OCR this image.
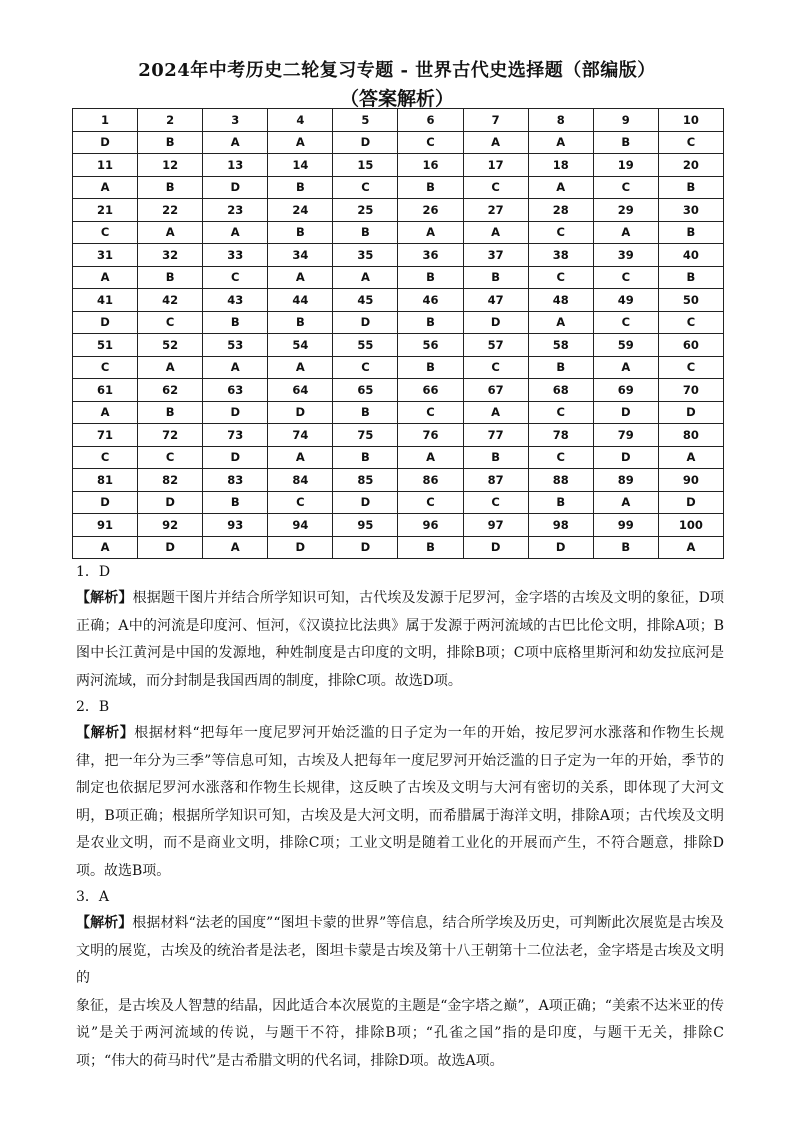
2024年中考历史二轮复习专题 - 世界古代史选择题（部编版）
（答案解析）
1	2	3	4	5	6	7	8	9	10
D	B	A	A	D	C	A	A	B	C
11	12	13	14	15	16	17	18	19	20
A	B	D	B	C	B	C	A	C	B
21	22	23	24	25	26	27	28	29	30
C	A	A	B	B	A	A	C	A	B
31	32	33	34	35	36	37	38	39	40
A	B	C	A	A	B	B	C	C	B
41	42	43	44	45	46	47	48	49	50
D	C	B	B	D	B	D	A	C	C
51	52	53	54	55	56	57	58	59	60
C	A	A	A	C	B	C	B	A	C
61	62	63	64	65	66	67	68	69	70
A	B	D	D	B	C	A	C	D	D
71	72	73	74	75	76	77	78	79	80
C	C	D	A	B	A	B	C	D	A
81	82	83	84	85	86	87	88	89	90
D	D	B	C	D	C	C	B	A	D
91	92	93	94	95	96	97	98	99	100
A	D	A	D	D	B	D	D	B	A
1．D
【解析】根据题干图片并结合所学知识可知，古代埃及发源于尼罗河，金字塔的古埃及文明的象征，D项正确；A中的河流是印度河、恒河，《汉谟拉比法典》属于发源于两河流域的古巴比伦文明，排除A项；B图中长江黄河是中国的发源地，种姓制度是古印度的文明，排除B项；C项中底格里斯河和幼发拉底河是两河流域，而分封制是我国西周的制度，排除C项。故选D项。
2．B
【解析】根据材料“把每年一度尼罗河开始泛滥的日子定为一年的开始，按尼罗河水涨落和作物生长规律，把一年分为三季”等信息可知，古埃及人把每年一度尼罗河开始泛滥的日子定为一年的开始，季节的制定也依据尼罗河水涨落和作物生长规律，这反映了古埃及文明与大河有密切的关系，即体现了大河文明，B项正确；根据所学知识可知，古埃及是大河文明，而希腊属于海洋文明，排除A项；古代埃及文明是农业文明，而不是商业文明，排除C项；工业文明是随着工业化的开展而产生，不符合题意，排除D项。故选B项。
3．A
【解析】根据材料“法老的国度”“图坦卡蒙的世界”等信息，结合所学埃及历史，可判断此次展览是古埃及文明的展览，古埃及的统治者是法老，图坦卡蒙是古埃及第十八王朝第十二位法老，金字塔是古埃及文明的
象征，是古埃及人智慧的结晶，因此适合本次展览的主题是“金字塔之巅”，A项正确；“美索不达米亚的传说”是关于两河流域的传说，与题干不符，排除B项；“孔雀之国”指的是印度，与题干无关，排除C项；“伟大的荷马时代”是古希腊文明的代名词，排除D项。故选A项。
